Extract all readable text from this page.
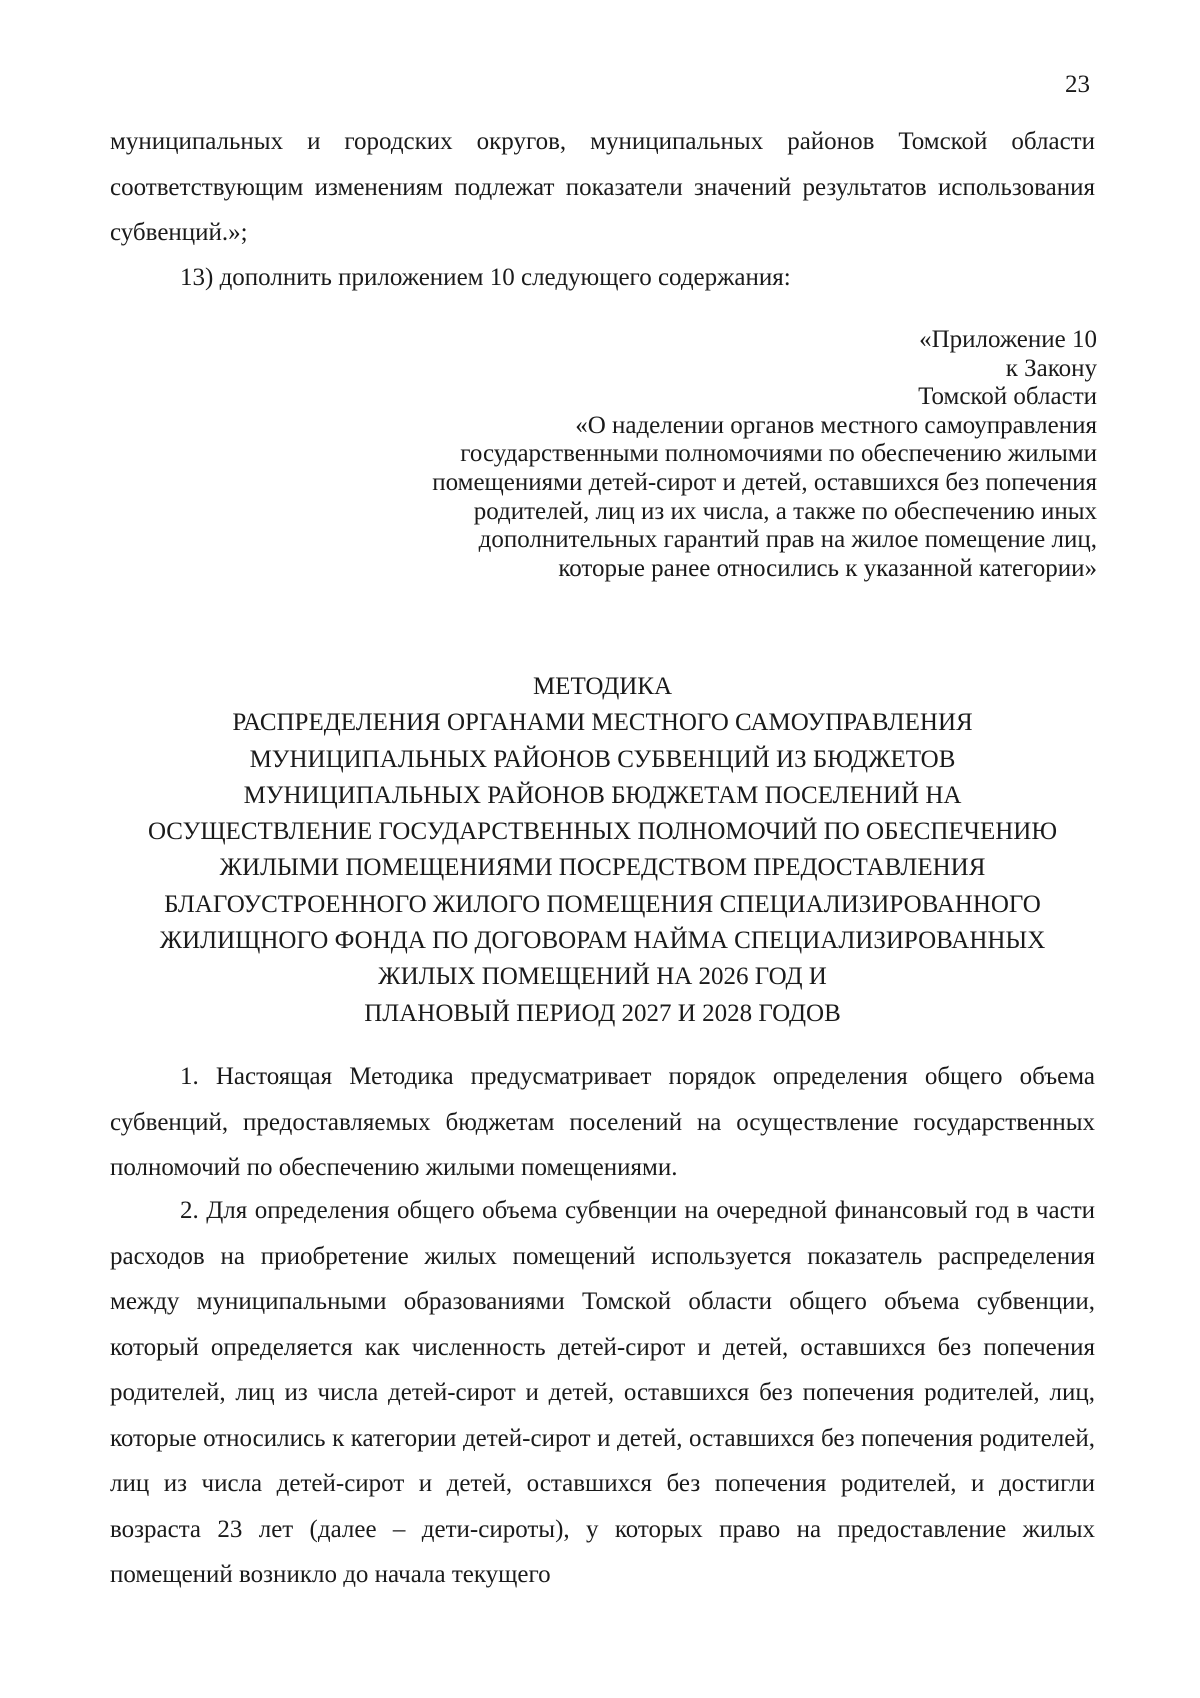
23
муниципальных и городских округов, муниципальных районов Томской области соответствующим изменениям подлежат показатели значений результатов использования субвенций.»;
13) дополнить приложением 10 следующего содержания:
«Приложение 10
к Закону
Томской области
«О наделении органов местного самоуправления
государственными полномочиями по обеспечению жилыми
помещениями детей-сирот и детей, оставшихся без попечения
родителей, лиц из их числа, а также по обеспечению иных
дополнительных гарантий прав на жилое помещение лиц,
которые ранее относились к указанной категории»
МЕТОДИКА
РАСПРЕДЕЛЕНИЯ ОРГАНАМИ МЕСТНОГО САМОУПРАВЛЕНИЯ
МУНИЦИПАЛЬНЫХ РАЙОНОВ СУБВЕНЦИЙ ИЗ БЮДЖЕТОВ
МУНИЦИПАЛЬНЫХ РАЙОНОВ БЮДЖЕТАМ ПОСЕЛЕНИЙ НА
ОСУЩЕСТВЛЕНИЕ ГОСУДАРСТВЕННЫХ ПОЛНОМОЧИЙ ПО ОБЕСПЕЧЕНИЮ
ЖИЛЫМИ ПОМЕЩЕНИЯМИ ПОСРЕДСТВОМ ПРЕДОСТАВЛЕНИЯ
БЛАГОУСТРОЕННОГО ЖИЛОГО ПОМЕЩЕНИЯ СПЕЦИАЛИЗИРОВАННОГО
ЖИЛИЩНОГО ФОНДА ПО ДОГОВОРАМ НАЙМА СПЕЦИАЛИЗИРОВАННЫХ
ЖИЛЫХ ПОМЕЩЕНИЙ НА 2026 ГОД И
ПЛАНОВЫЙ ПЕРИОД 2027 И 2028 ГОДОВ
1. Настоящая Методика предусматривает порядок определения общего объема субвенций, предоставляемых бюджетам поселений на осуществление государственных полномочий по обеспечению жилыми помещениями.
2. Для определения общего объема субвенции на очередной финансовый год в части расходов на приобретение жилых помещений используется показатель распределения между муниципальными образованиями Томской области общего объема субвенции, который определяется как численность детей-сирот и детей, оставшихся без попечения родителей, лиц из числа детей-сирот и детей, оставшихся без попечения родителей, лиц, которые относились к категории детей-сирот и детей, оставшихся без попечения родителей, лиц из числа детей-сирот и детей, оставшихся без попечения родителей, и достигли возраста 23 лет (далее – дети-сироты), у которых право на предоставление жилых помещений возникло до начала текущего
